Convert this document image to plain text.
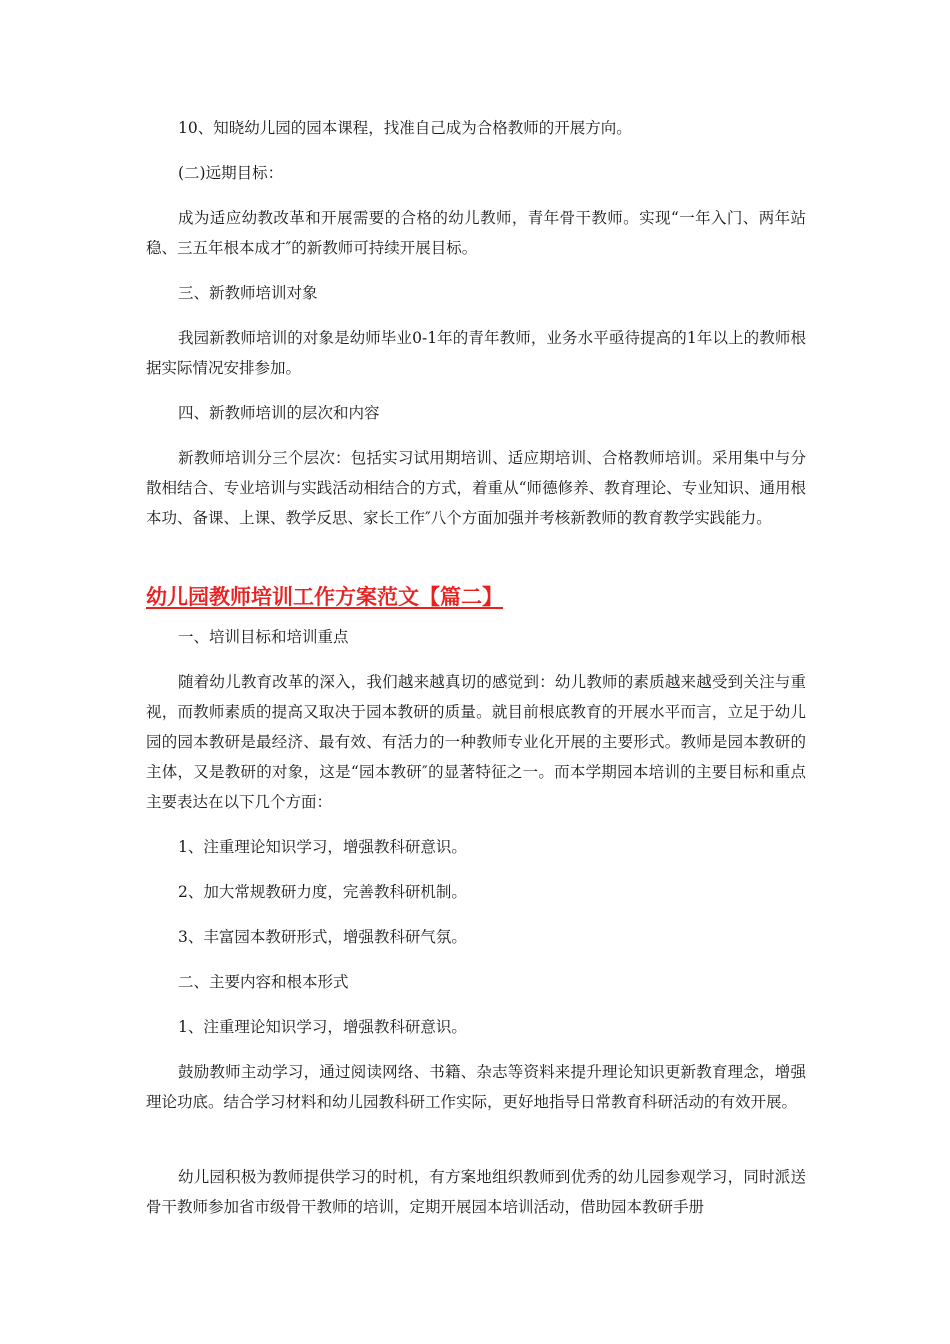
10、知晓幼儿园的园本课程，找准自己成为合格教师的开展方向。

(二)远期目标：

成为适应幼教改革和开展需要的合格的幼儿教师，青年骨干教师。实现“一年入门、两年站稳、三五年根本成才″的新教师可持续开展目标。

三、新教师培训对象

我园新教师培训的对象是幼师毕业0-1年的青年教师，业务水平亟待提高的1年以上的教师根据实际情况安排参加。

四、新教师培训的层次和内容

新教师培训分三个层次：包括实习试用期培训、适应期培训、合格教师培训。采用集中与分散相结合、专业培训与实践活动相结合的方式，着重从“师德修养、教育理论、专业知识、通用根本功、备课、上课、教学反思、家长工作″八个方面加强并考核新教师的教育教学实践能力。

幼儿园教师培训工作方案范文【篇二】

一、培训目标和培训重点

随着幼儿教育改革的深入，我们越来越真切的感觉到：幼儿教师的素质越来越受到关注与重视，而教师素质的提高又取决于园本教研的质量。就目前根底教育的开展水平而言，立足于幼儿园的园本教研是最经济、最有效、有活力的一种教师专业化开展的主要形式。教师是园本教研的主体，又是教研的对象，这是“园本教研″的显著特征之一。而本学期园本培训的主要目标和重点主要表达在以下几个方面：

1、注重理论知识学习，增强教科研意识。

2、加大常规教研力度，完善教科研机制。

3、丰富园本教研形式，增强教科研气氛。

二、主要内容和根本形式

1、注重理论知识学习，增强教科研意识。

鼓励教师主动学习，通过阅读网络、书籍、杂志等资料来提升理论知识更新教育理念，增强理论功底。结合学习材料和幼儿园教科研工作实际，更好地指导日常教育科研活动的有效开展。

幼儿园积极为教师提供学习的时机，有方案地组织教师到优秀的幼儿园参观学习，同时派送骨干教师参加省市级骨干教师的培训，定期开展园本培训活动，借助园本教研手册
